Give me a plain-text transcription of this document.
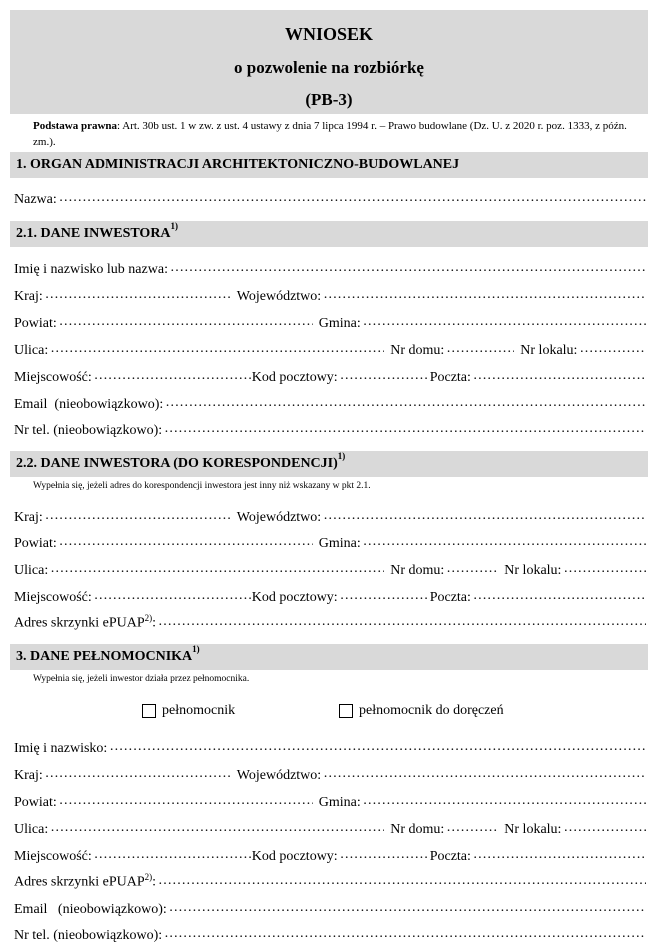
WNIOSEK
o pozwolenie na rozbiórkę
(PB-3)
Podstawa prawna: Art. 30b ust. 1 w zw. z ust. 4 ustawy z dnia 7 lipca 1994 r. – Prawo budowlane (Dz. U. z 2020 r. poz. 1333, z późn. zm.).
1. ORGAN ADMINISTRACJI ARCHITEKTONICZNO-BUDOWLANEJ
Nazwa:
…………………………………………………………………………………………………………………………………………………………………………………………………………………………………………
2.1. DANE INWESTORA$^{1)}$
Imię i nazwisko lub nazwa:
…………………………………………………………………………………………………………………………………………………………………………………………………………………………………………
Kraj: …………………………………………………………………………………………………………………………………………………………………………………………………………………………………………	Województwo:
…………………………………………………………………………………………………………………………………………………………………………………………………………………………………………
Powiat: …………………………………………………………………………………………………………………………………………………………………………………………………………………………………………	Gmina:
…………………………………………………………………………………………………………………………………………………………………………………………………………………………………………
Ulica: …………………………………………………………………………………………………………………………………………………………………………………………………………………………………………	Nr domu: …………………………………………………………………………………………………………………………………………………………………………………………………………………………………………	Nr lokalu:
…………………………………………………………………………………………………………………………………………………………………………………………………………………………………………
Miejscowość: …………………………………………………………………………………………………………………………………………………………………………………………………………………………………………	Kod pocztowy: …………………………………………………………………………………………………………………………………………………………………………………………………………………………………………	Poczta:
…………………………………………………………………………………………………………………………………………………………………………………………………………………………………………
Email  (nieobowiązkowo):
…………………………………………………………………………………………………………………………………………………………………………………………………………………………………………
Nr tel. (nieobowiązkowo):
…………………………………………………………………………………………………………………………………………………………………………………………………………………………………………
2.2. DANE INWESTORA (DO KORESPONDENCJI)$^{1)}$
Wypełnia się, jeżeli adres do korespondencji inwestora jest inny niż wskazany w pkt 2.1.
Kraj: …………………………………………………………………………………………………………………………………………………………………………………………………………………………………………	Województwo:
…………………………………………………………………………………………………………………………………………………………………………………………………………………………………………
Powiat: …………………………………………………………………………………………………………………………………………………………………………………………………………………………………………	Gmina:
…………………………………………………………………………………………………………………………………………………………………………………………………………………………………………
Ulica: …………………………………………………………………………………………………………………………………………………………………………………………………………………………………………	Nr domu: …………………………………………………………………………………………………………………………………………………………………………………………………………………………………………	Nr lokalu:
…………………………………………………………………………………………………………………………………………………………………………………………………………………………………………
Miejscowość: …………………………………………………………………………………………………………………………………………………………………………………………………………………………………………	Kod pocztowy: …………………………………………………………………………………………………………………………………………………………………………………………………………………………………………	Poczta:
…………………………………………………………………………………………………………………………………………………………………………………………………………………………………………
Adres skrzynki ePUAP$^{2)}$:
…………………………………………………………………………………………………………………………………………………………………………………………………………………………………………
3. DANE PEŁNOMOCNIKA$^{1)}$
Wypełnia się, jeżeli inwestor działa przez pełnomocnika.
pełnomocnik	pełnomocnik do doręczeń
Imię i nazwisko:
…………………………………………………………………………………………………………………………………………………………………………………………………………………………………………
Kraj: …………………………………………………………………………………………………………………………………………………………………………………………………………………………………………	Województwo:
…………………………………………………………………………………………………………………………………………………………………………………………………………………………………………
Powiat: …………………………………………………………………………………………………………………………………………………………………………………………………………………………………………	Gmina:
…………………………………………………………………………………………………………………………………………………………………………………………………………………………………………
Ulica: …………………………………………………………………………………………………………………………………………………………………………………………………………………………………………	Nr domu: …………………………………………………………………………………………………………………………………………………………………………………………………………………………………………	Nr lokalu:
…………………………………………………………………………………………………………………………………………………………………………………………………………………………………………
Miejscowość: …………………………………………………………………………………………………………………………………………………………………………………………………………………………………………	Kod pocztowy: …………………………………………………………………………………………………………………………………………………………………………………………………………………………………………	Poczta:
…………………………………………………………………………………………………………………………………………………………………………………………………………………………………………
Adres skrzynki ePUAP$^{2)}$:
…………………………………………………………………………………………………………………………………………………………………………………………………………………………………………
Email   (nieobowiązkowo):
…………………………………………………………………………………………………………………………………………………………………………………………………………………………………………
Nr tel. (nieobowiązkowo):
…………………………………………………………………………………………………………………………………………………………………………………………………………………………………………
